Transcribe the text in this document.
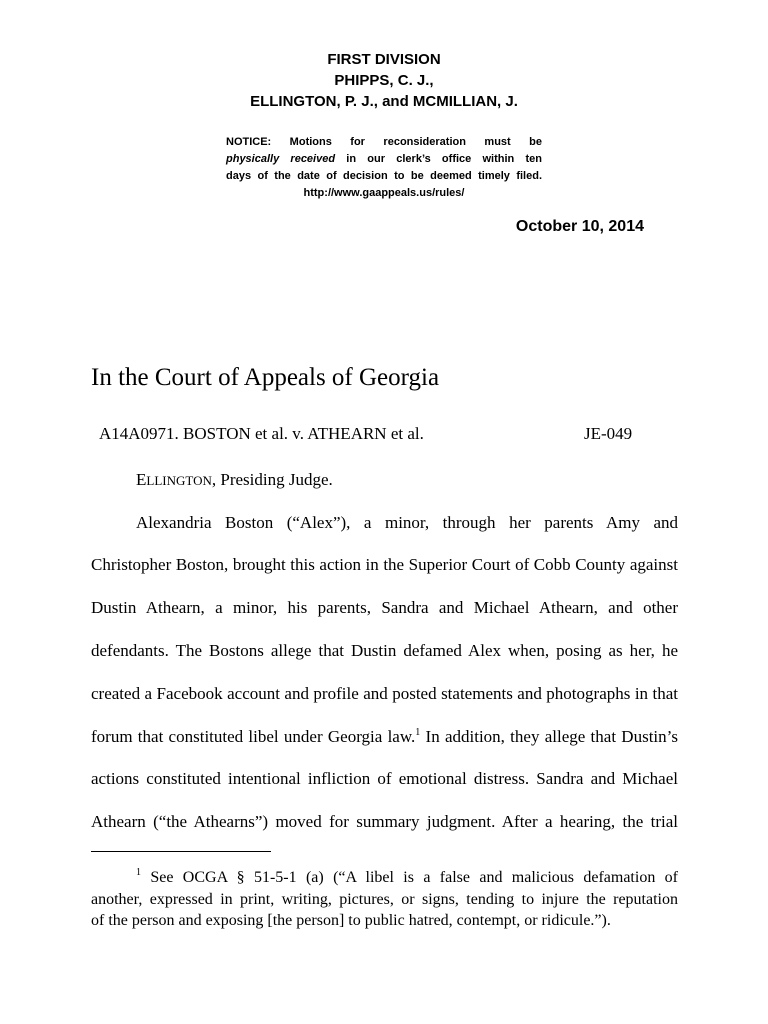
FIRST DIVISION
PHIPPS, C. J.,
ELLINGTON, P. J., and MCMILLIAN, J.
NOTICE: Motions for reconsideration must be
physically received in our clerk’s office within ten
days of the date of decision to be deemed timely filed.
http://www.gaappeals.us/rules/
October 10, 2014
In the Court of Appeals of Georgia
A14A0971. BOSTON et al. v. ATHEARN et al.	JE-049
ELLINGTON, Presiding Judge.
Alexandria Boston (“Alex”), a minor, through her parents Amy and
Christopher Boston, brought this action in the Superior Court of Cobb County against
Dustin Athearn, a minor, his parents, Sandra and Michael Athearn, and other
defendants. The Bostons allege that Dustin defamed Alex when, posing as her, he
created a Facebook account and profile and posted statements and photographs in that
forum that constituted libel under Georgia law.$^1$ In addition, they allege that Dustin’s
actions constituted intentional infliction of emotional distress. Sandra and Michael
Athearn (“the Athearns”) moved for summary judgment. After a hearing, the trial
$^1$ See OCGA § 51-5-1 (a) (“A libel is a false and malicious defamation of
another, expressed in print, writing, pictures, or signs, tending to injure the reputation
of the person and exposing [the person] to public hatred, contempt, or ridicule.”).
